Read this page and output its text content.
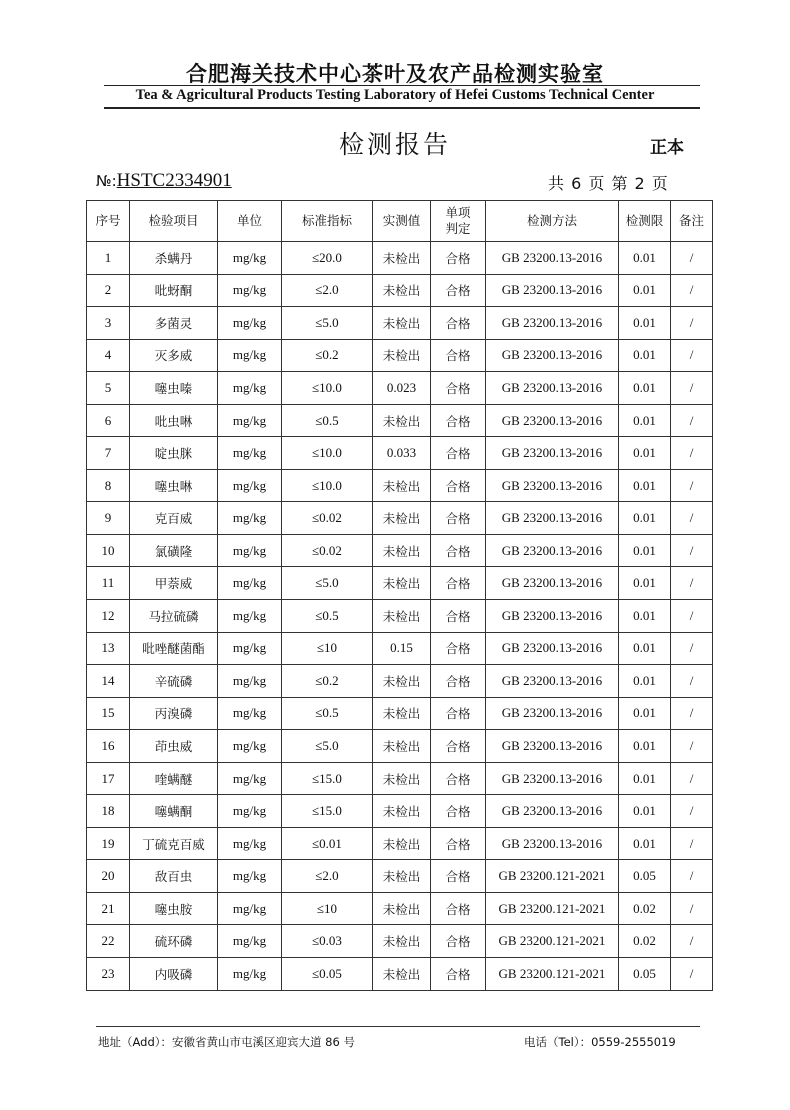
合肥海关技术中心茶叶及农产品检测实验室
Tea & Agricultural Products Testing Laboratory of Hefei Customs Technical Center
检测报告	正本
№:HSTC2334901	共 6 页 第 2 页
序号	检验项目	单位	标准指标	实测值	单项判定	检测方法	检测限	备注
1	杀螨丹	mg/kg	≤20.0	未检出	合格	GB 23200.13-2016	0.01	/
2	吡蚜酮	mg/kg	≤2.0	未检出	合格	GB 23200.13-2016	0.01	/
3	多菌灵	mg/kg	≤5.0	未检出	合格	GB 23200.13-2016	0.01	/
4	灭多威	mg/kg	≤0.2	未检出	合格	GB 23200.13-2016	0.01	/
5	噻虫嗪	mg/kg	≤10.0	0.023	合格	GB 23200.13-2016	0.01	/
6	吡虫啉	mg/kg	≤0.5	未检出	合格	GB 23200.13-2016	0.01	/
7	啶虫脒	mg/kg	≤10.0	0.033	合格	GB 23200.13-2016	0.01	/
8	噻虫啉	mg/kg	≤10.0	未检出	合格	GB 23200.13-2016	0.01	/
9	克百威	mg/kg	≤0.02	未检出	合格	GB 23200.13-2016	0.01	/
10	氯磺隆	mg/kg	≤0.02	未检出	合格	GB 23200.13-2016	0.01	/
11	甲萘威	mg/kg	≤5.0	未检出	合格	GB 23200.13-2016	0.01	/
12	马拉硫磷	mg/kg	≤0.5	未检出	合格	GB 23200.13-2016	0.01	/
13	吡唑醚菌酯	mg/kg	≤10	0.15	合格	GB 23200.13-2016	0.01	/
14	辛硫磷	mg/kg	≤0.2	未检出	合格	GB 23200.13-2016	0.01	/
15	丙溴磷	mg/kg	≤0.5	未检出	合格	GB 23200.13-2016	0.01	/
16	茚虫威	mg/kg	≤5.0	未检出	合格	GB 23200.13-2016	0.01	/
17	喹螨醚	mg/kg	≤15.0	未检出	合格	GB 23200.13-2016	0.01	/
18	噻螨酮	mg/kg	≤15.0	未检出	合格	GB 23200.13-2016	0.01	/
19	丁硫克百威	mg/kg	≤0.01	未检出	合格	GB 23200.13-2016	0.01	/
20	敌百虫	mg/kg	≤2.0	未检出	合格	GB 23200.121-2021	0.05	/
21	噻虫胺	mg/kg	≤10	未检出	合格	GB 23200.121-2021	0.02	/
22	硫环磷	mg/kg	≤0.03	未检出	合格	GB 23200.121-2021	0.02	/
23	内吸磷	mg/kg	≤0.05	未检出	合格	GB 23200.121-2021	0.05	/
地址（Add）：安徽省黄山市屯溪区迎宾大道 86 号	电话（Tel）：0559-2555019
